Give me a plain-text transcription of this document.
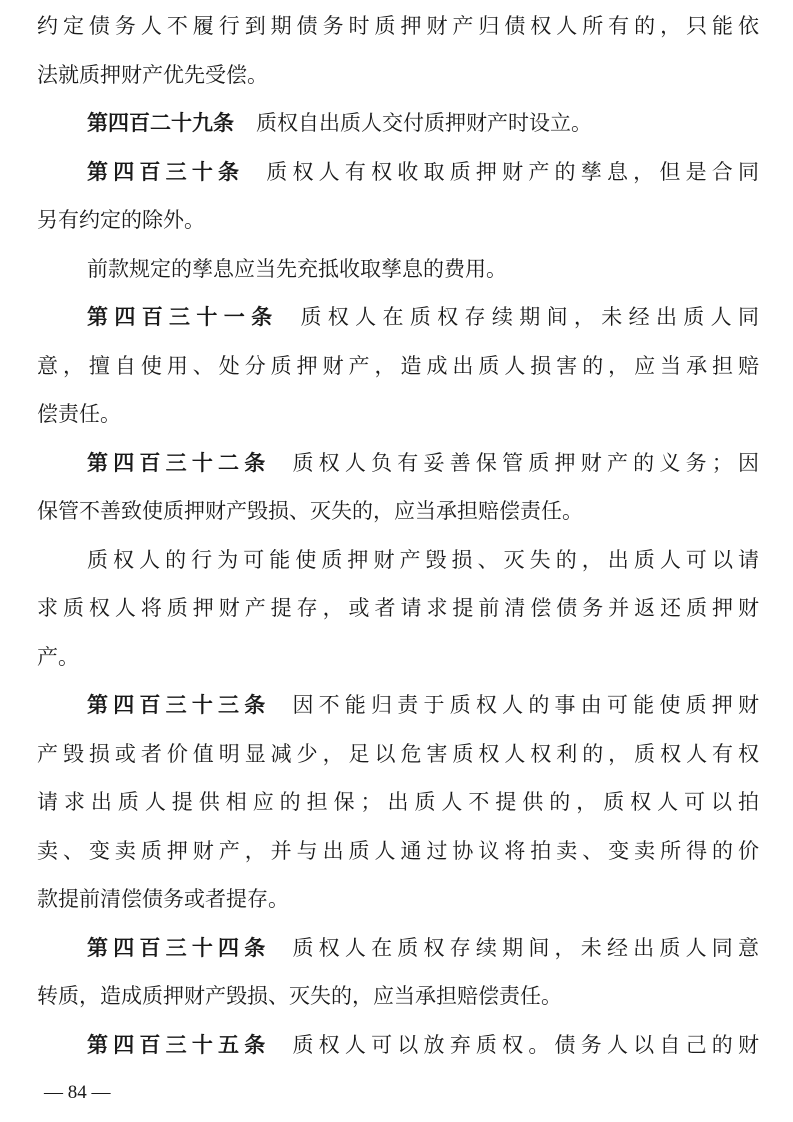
约定债务人不履行到期债务时质押财产归债权人所有的，只能依
法就质押财产优先受偿。
第四百二十九条 质权自出质人交付质押财产时设立。
第四百三十条 质权人有权收取质押财产的孳息，但是合同
另有约定的除外。
前款规定的孳息应当先充抵收取孳息的费用。
第四百三十一条 质权人在质权存续期间，未经出质人同
意，擅自使用、处分质押财产，造成出质人损害的，应当承担赔
偿责任。
第四百三十二条 质权人负有妥善保管质押财产的义务；因
保管不善致使质押财产毁损、灭失的，应当承担赔偿责任。
质权人的行为可能使质押财产毁损、灭失的，出质人可以请
求质权人将质押财产提存，或者请求提前清偿债务并返还质押财
产。
第四百三十三条 因不能归责于质权人的事由可能使质押财
产毁损或者价值明显减少，足以危害质权人权利的，质权人有权
请求出质人提供相应的担保；出质人不提供的，质权人可以拍
卖、变卖质押财产，并与出质人通过协议将拍卖、变卖所得的价
款提前清偿债务或者提存。
第四百三十四条 质权人在质权存续期间，未经出质人同意
转质，造成质押财产毁损、灭失的，应当承担赔偿责任。
第四百三十五条 质权人可以放弃质权。债务人以自己的财
— 84 —
